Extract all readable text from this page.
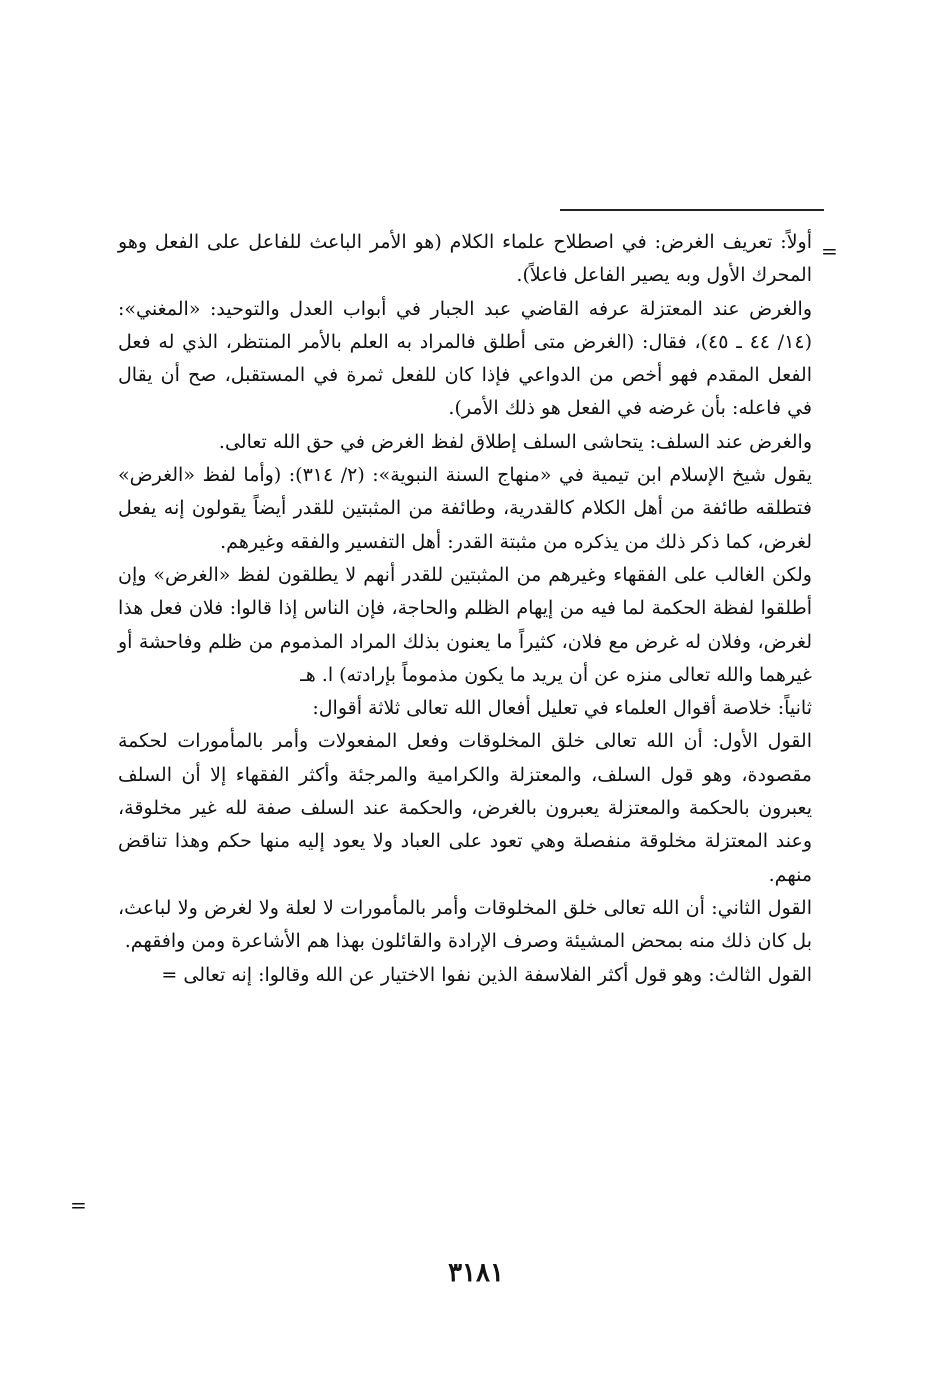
=

أولاً: تعريف الغرض: في اصطلاح علماء الكلام (هو الأمر الباعث للفاعل على الفعل وهو المحرك الأول وبه يصير الفاعل فاعلاً).

والغرض عند المعتزلة عرفه القاضي عبد الجبار في أبواب العدل والتوحيد: «المغني»: (١٤/ ٤٤ ـ ٤٥)، فقال: (الغرض متى أطلق فالمراد به العلم بالأمر المنتظر، الذي له فعل الفعل المقدم فهو أخص من الدواعي فإذا كان للفعل ثمرة في المستقبل، صح أن يقال في فاعله: بأن غرضه في الفعل هو ذلك الأمر).

والغرض عند السلف: يتحاشى السلف إطلاق لفظ الغرض في حق الله تعالى.

يقول شيخ الإسلام ابن تيمية في «منهاج السنة النبوية»: (٢/ ٣١٤): (وأما لفظ «الغرض» فتطلقه طائفة من أهل الكلام كالقدرية، وطائفة من المثبتين للقدر أيضاً يقولون إنه يفعل لغرض، كما ذكر ذلك من يذكره من مثبتة القدر: أهل التفسير والفقه وغيرهم.

ولكن الغالب على الفقهاء وغيرهم من المثبتين للقدر أنهم لا يطلقون لفظ «الغرض» وإن أطلقوا لفظة الحكمة لما فيه من إيهام الظلم والحاجة، فإن الناس إذا قالوا: فلان فعل هذا لغرض، وفلان له غرض مع فلان، كثيراً ما يعنون بذلك المراد المذموم من ظلم وفاحشة أو غيرهما والله تعالى منزه عن أن يريد ما يكون مذموماً بإرادته) ا. هـ

ثانياً: خلاصة أقوال العلماء في تعليل أفعال الله تعالى ثلاثة أقوال:

القول الأول: أن الله تعالى خلق المخلوقات وفعل المفعولات وأمر بالمأمورات لحكمة مقصودة، وهو قول السلف، والمعتزلة والكرامية والمرجئة وأكثر الفقهاء إلا أن السلف يعبرون بالحكمة والمعتزلة يعبرون بالغرض، والحكمة عند السلف صفة لله غير مخلوقة، وعند المعتزلة مخلوقة منفصلة وهي تعود على العباد ولا يعود إليه منها حكم وهذا تناقض منهم.

القول الثاني: أن الله تعالى خلق المخلوقات وأمر بالمأمورات لا لعلة ولا لغرض ولا لباعث، بل كان ذلك منه بمحض المشيئة وصرف الإرادة والقائلون بهذا هم الأشاعرة ومن وافقهم.

القول الثالث: وهو قول أكثر الفلاسفة الذين نفوا الاختيار عن الله وقالوا: إنه تعالى =

=
٣١٨١
